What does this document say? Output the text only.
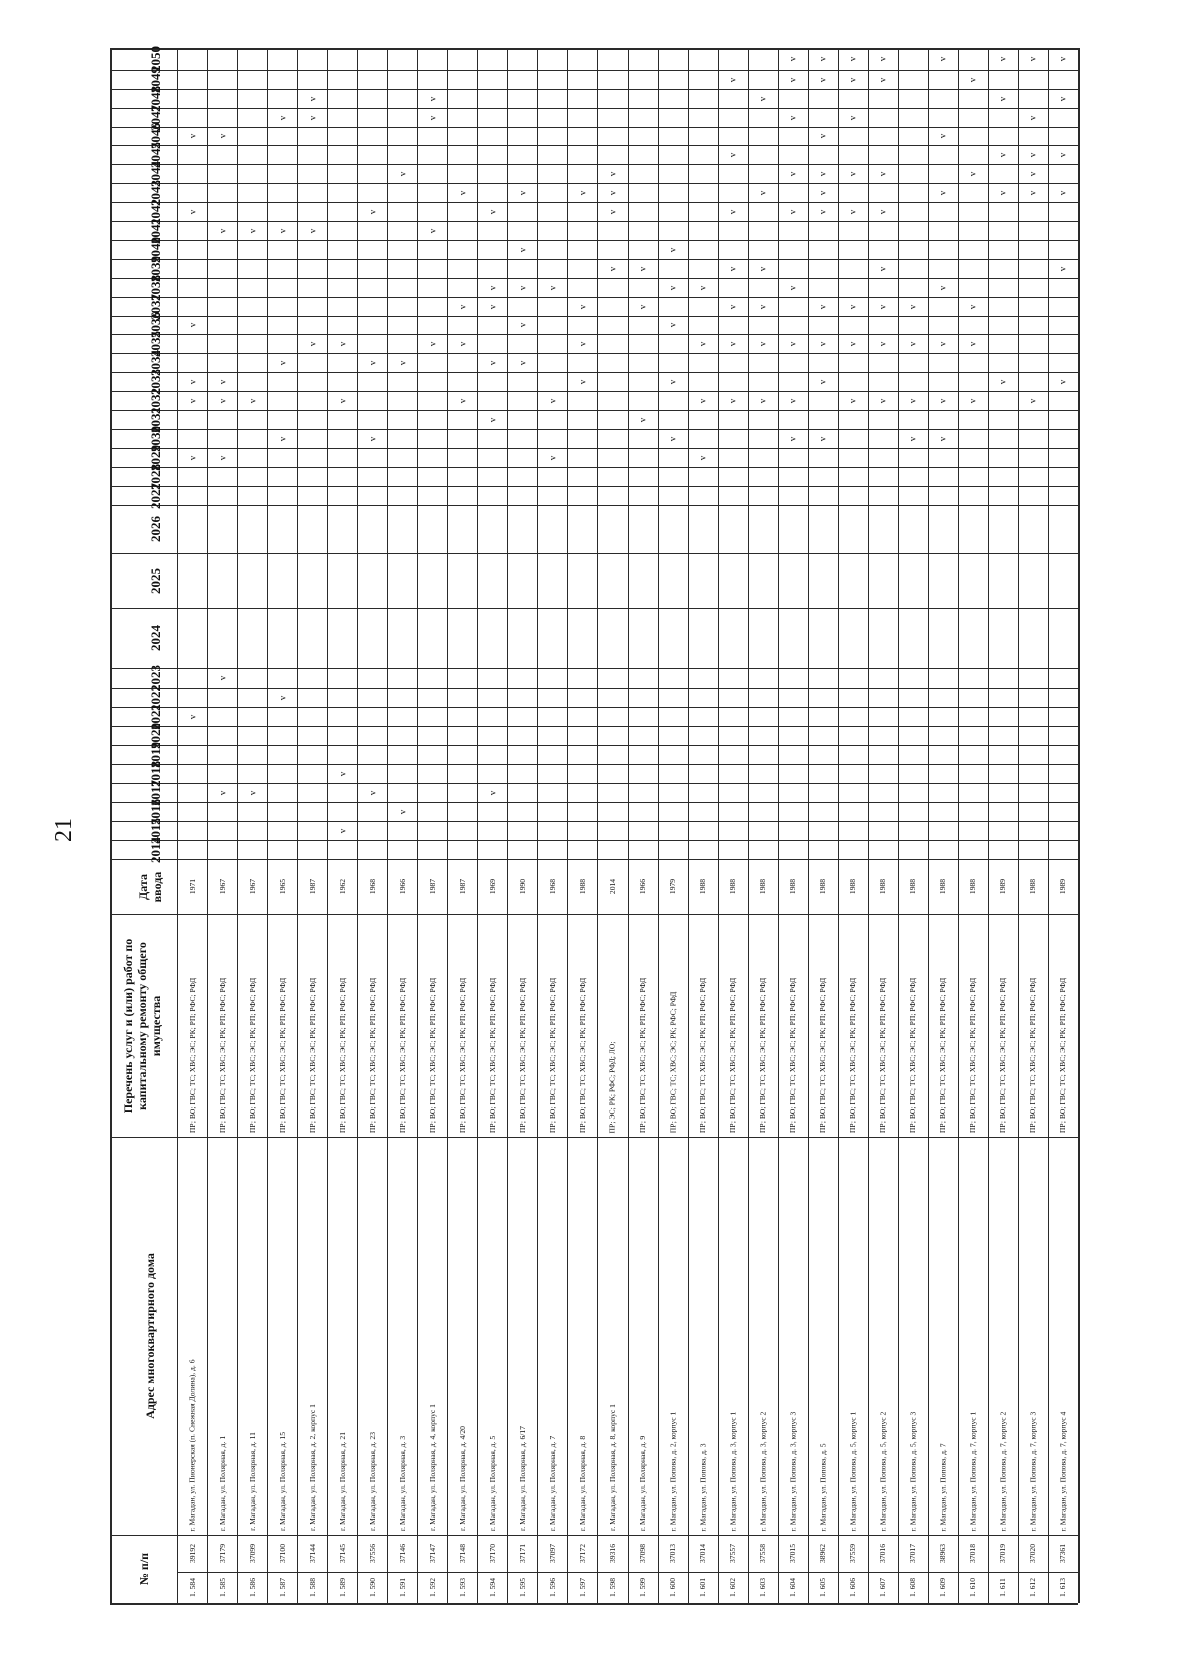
21
2014
2015
2016
2017
2018
2019
2020
2021
2022
2023
2024
2025
2026
2027
2028
2029
2030
2031
2032
2033
2034
2035
2036
2037
2038
2039
2040
2041
2042
2043
2044
2045
2046
2047
2048
2049
2050
Дата ввода
Перечень услуг и (или) работ по капитальному ремонту общего имущества
Адрес многоквартирного дома
№ п/п
1. 584
39192
г. Магадан, ул. Пионерская (п. Снежная Долина), д. 6
ПР; ВО; ГВС; ТС; ХВС; ЭС; РК; РП; РФС; РФД
1971
v
v
v
v
v
v
v
1. 585
37179
г. Магадан, ул. Полярная, д. 1
ПР; ВО; ГВС; ТС; ХВС; ЭС; РК; РП; РФС; РФД
1967
v
v
v
v
v
v
v
1. 586
37099
г. Магадан, ул. Полярная, д. 11
ПР; ВО; ГВС; ТС; ХВС; ЭС; РК; РП; РФС; РФД
1967
v
v
v
1. 587
37100
г. Магадан, ул. Полярная, д. 15
ПР; ВО; ГВС; ТС; ХВС; ЭС; РК; РП; РФС; РФД
1965
v
v
v
v
v
1. 588
37144
г. Магадан, ул. Полярная, д. 2, корпус 1
ПР; ВО; ГВС; ТС; ХВС; ЭС; РК; РП; РФС; РФД
1987
v
v
v
v
1. 589
37145
г. Магадан, ул. Полярная, д. 21
ПР; ВО; ГВС; ТС; ХВС; ЭС; РК; РП; РФС; РФД
1962
v
v
v
v
1. 590
37556
г. Магадан, ул. Полярная, д. 23
ПР; ВО; ГВС; ТС; ХВС; ЭС; РК; РП; РФС; РФД
1968
v
v
v
v
1. 591
37146
г. Магадан, ул. Полярная, д. 3
ПР; ВО; ГВС; ТС; ХВС; ЭС; РК; РП; РФС; РФД
1966
v
v
v
1. 592
37147
г. Магадан, ул. Полярная, д. 4, корпус 1
ПР; ВО; ГВС; ТС; ХВС; ЭС; РК; РП; РФС; РФД
1987
v
v
v
v
1. 593
37148
г. Магадан, ул. Полярная, д. 4/20
ПР; ВО; ГВС; ТС; ХВС; ЭС; РК; РП; РФС; РФД
1987
v
v
v
v
1. 594
37170
г. Магадан, ул. Полярная, д. 5
ПР; ВО; ГВС; ТС; ХВС; ЭС; РК; РП; РФС; РФД
1969
v
v
v
v
v
v
1. 595
37171
г. Магадан, ул. Полярная, д. 6/17
ПР; ВО; ГВС; ТС; ХВС; ЭС; РК; РП; РФС; РФД
1990
v
v
v
v
v
1. 596
37097
г. Магадан, ул. Полярная, д. 7
ПР; ВО; ГВС; ТС; ХВС; ЭС; РК; РП; РФС; РФД
1968
v
v
v
1. 597
37172
г. Магадан, ул. Полярная, д. 8
ПР; ВО; ГВС; ТС; ХВС; ЭС; РК; РП; РФС; РФД
1988
v
v
v
v
1. 598
39316
г. Магадан, ул. Полярная, д. 8, корпус 1
ПР; ЭС; РК; РФС; РФД; ЛО;
2014
v
v
v
v
1. 599
37098
г. Магадан, ул. Полярная, д. 9
ПР; ВО; ГВС; ТС; ХВС; ЭС; РК; РП; РФС; РФД
1966
v
v
v
1. 600
37013
г. Магадан, ул. Попова, д. 2, корпус 1
ПР; ВО; ГВС; ТС; ХВС; ЭС; РК; РФС; РФД
1979
v
v
v
v
v
1. 601
37014
г. Магадан, ул. Попова, д. 3
ПР; ВО; ГВС; ТС; ХВС; ЭС; РК; РП; РФС; РФД
1988
v
v
v
v
1. 602
37557
г. Магадан, ул. Попова, д. 3, корпус 1
ПР; ВО; ГВС; ТС; ХВС; ЭС; РК; РП; РФС; РФД
1988
v
v
v
v
v
v
v
1. 603
37558
г. Магадан, ул. Попова, д. 3, корпус 2
ПР; ВО; ГВС; ТС; ХВС; ЭС; РК; РП; РФС; РФД
1988
v
v
v
v
v
v
1. 604
37015
г. Магадан, ул. Попова, д. 3, корпус 3
ПР; ВО; ГВС; ТС; ХВС; ЭС; РК; РП; РФС; РФД
1988
v
v
v
v
v
v
v
v
v
1. 605
38962
г. Магадан, ул. Попова, д. 5
ПР; ВО; ГВС; ТС; ХВС; ЭС; РК; РП; РФС; РФД
1988
v
v
v
v
v
v
v
v
v
v
1. 606
37559
г. Магадан, ул. Попова, д. 5, корпус 1
ПР; ВО; ГВС; ТС; ХВС; ЭС; РК; РП; РФС; РФД
1988
v
v
v
v
v
v
v
v
1. 607
37016
г. Магадан, ул. Попова, д. 5, корпус 2
ПР; ВО; ГВС; ТС; ХВС; ЭС; РК; РП; РФС; РФД
1988
v
v
v
v
v
v
v
v
1. 608
37017
г. Магадан, ул. Попова, д. 5, корпус 3
ПР; ВО; ГВС; ТС; ХВС; ЭС; РК; РП; РФС; РФД
1988
v
v
v
v
1. 609
38963
г. Магадан, ул. Попова, д. 7
ПР; ВО; ГВС; ТС; ХВС; ЭС; РК; РП; РФС; РФД
1988
v
v
v
v
v
v
v
1. 610
37018
г. Магадан, ул. Попова, д. 7, корпус 1
ПР; ВО; ГВС; ТС; ХВС; ЭС; РК; РП; РФС; РФД
1988
v
v
v
v
v
1. 611
37019
г. Магадан, ул. Попова, д. 7, корпус 2
ПР; ВО; ГВС; ТС; ХВС; ЭС; РК; РП; РФС; РФД
1989
v
v
v
v
v
1. 612
37020
г. Магадан, ул. Попова, д. 7, корпус 3
ПР; ВО; ГВС; ТС; ХВС; ЭС; РК; РП; РФС; РФД
1988
v
v
v
v
v
v
1. 613
37361
г. Магадан, ул. Попова, д. 7, корпус 4
ПР; ВО; ГВС; ТС; ХВС; ЭС; РК; РП; РФС; РФД
1989
v
v
v
v
v
v
